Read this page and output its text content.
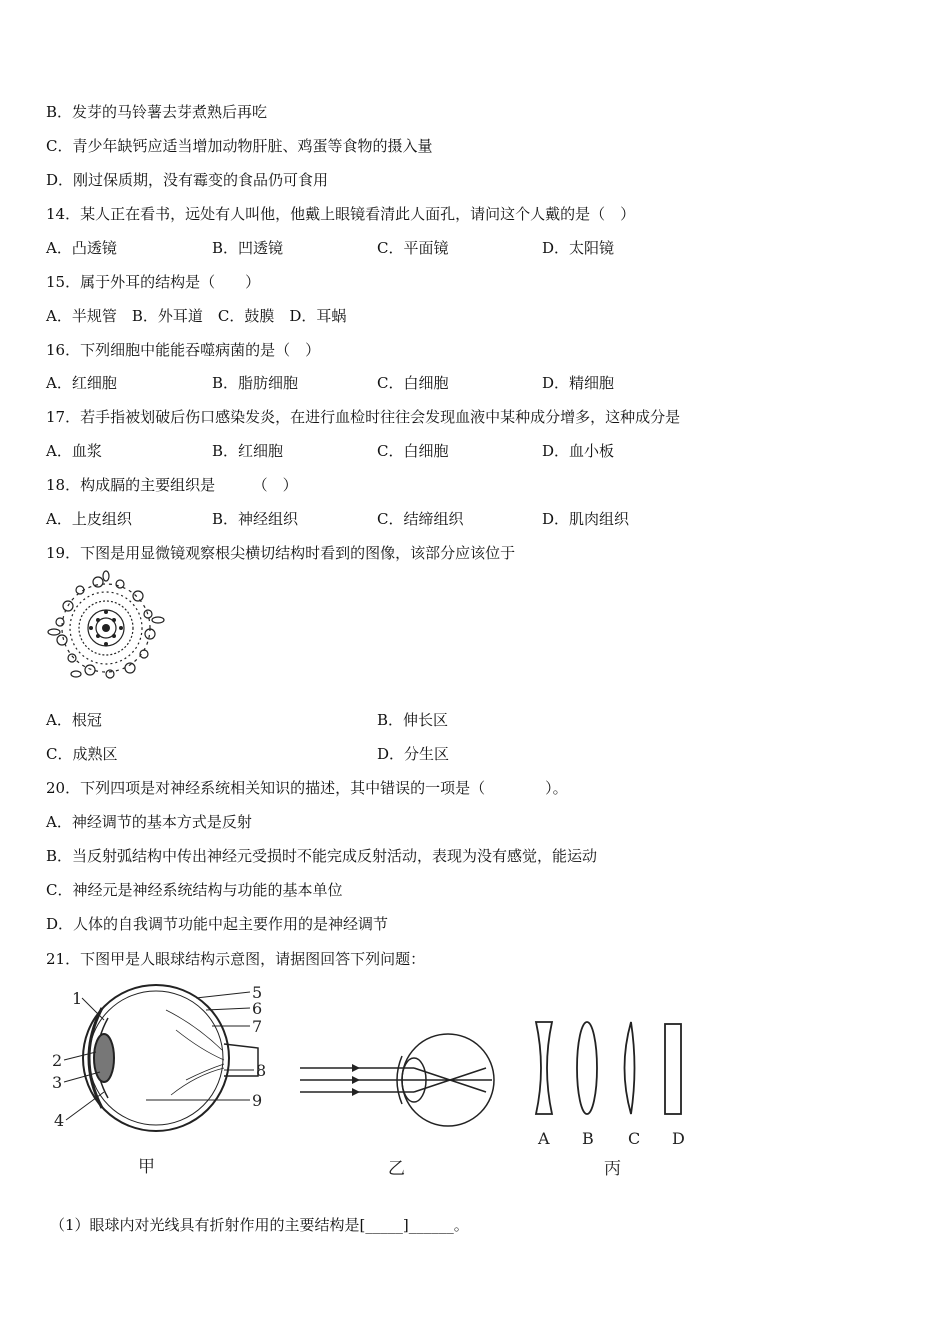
B．发芽的马铃薯去芽煮熟后再吃
C．青少年缺钙应适当增加动物肝脏、鸡蛋等食物的摄入量
D．刚过保质期，没有霉变的食品仍可食用
14．某人正在看书，远处有人叫他，他戴上眼镜看清此人面孔，请问这个人戴的是（　）
A．凸透镜	B．凹透镜	C．平面镜	D．太阳镜
15．属于外耳的结构是（　　）
A．半规管　B．外耳道　C．鼓膜　D．耳蜗
16．下列细胞中能能吞噬病菌的是（　）
A．红细胞	B．脂肪细胞	C．白细胞	D．精细胞
17．若手指被划破后伤口感染发炎，在进行血检时往往会发现血液中某种成分增多，这种成分是
A．血浆	B．红细胞	C．白细胞	D．血小板
18．构成膈的主要组织是　　　（　）
A．上皮组织	B．神经组织	C．结缔组织	D．肌肉组织
19．下图是用显微镜观察根尖横切结构时看到的图像，该部分应该位于
A．根冠	B．伸长区
C．成熟区	D．分生区
20．下列四项是对神经系统相关知识的描述，其中错误的一项是（　　　　）。
A．神经调节的基本方式是反射
B．当反射弧结构中传出神经元受损时不能完成反射活动，表现为没有感觉，能运动
C．神经元是神经系统结构与功能的基本单位
D．人体的自我调节功能中起主要作用的是神经调节
21．下图甲是人眼球结构示意图，请据图回答下列问题：
1
2
3
4
5
6
7
8
9
甲	乙
A B C D
丙
（1）眼球内对光线具有折射作用的主要结构是[_____]______。
